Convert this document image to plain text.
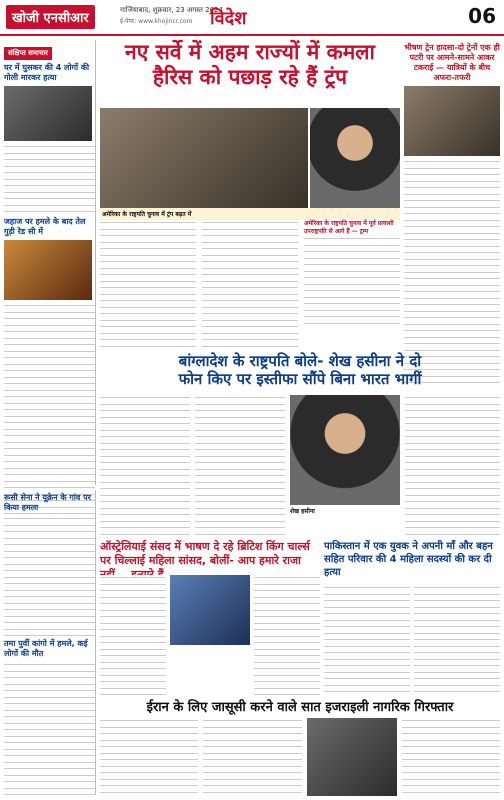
खोजी एनसीआर
गाजियाबाद, शुक्रवार, 23 अगस्त 2024
ई-पेपर: www.khojincr.com विदेश	06
संक्षिप्त समाचार
घर में घुसकर की 4 लोगों की गोली मारकर हत्या
जहाज पर हमले के बाद तेल गुड़ी रेड सी में
रूसी सेना ने यूक्रेन के गांव पर किया हमला
तमा पुर्वी कांगो में हमले, कई लोगों की मौत
नए सर्वे में अहम राज्यों में कमला
हैरिस को पछाड़ रहे हैं ट्रंप
अमेरिका के राष्ट्रपति चुनाव में ट्रंप बढ़त में
अमेरिका के राष्ट्रपति चुनाव में पूर्व प्रत्याशी उपराष्ट्रपति से आगे हैं — ट्रम्प
भीषण ट्रेन हादसा-दो ट्रेनों एक ही पटरी पर आमने-सामने आकर टकराई — यात्रियों के बीच अफरा-तफरी
बांग्लादेश के राष्ट्रपति बोले- शेख हसीना ने दो
फोन किए पर इस्तीफा सौंपे बिना भारत भागीं
शेख हसीना
ऑस्ट्रेलियाई संसद में भाषण दे रहे ब्रिटिश किंग चार्ल्स पर चिल्लाई महिला सांसद, बोलीं- आप हमारे राजा
पाकिस्तान में एक युवक ने अपनी माँ और बहन सहित परिवार की 4 महिला सदस्यों की कर दी हत्या
ईरान के लिए जासूसी करने वाले सात इजराइली नागरिक गिरफ्तार
